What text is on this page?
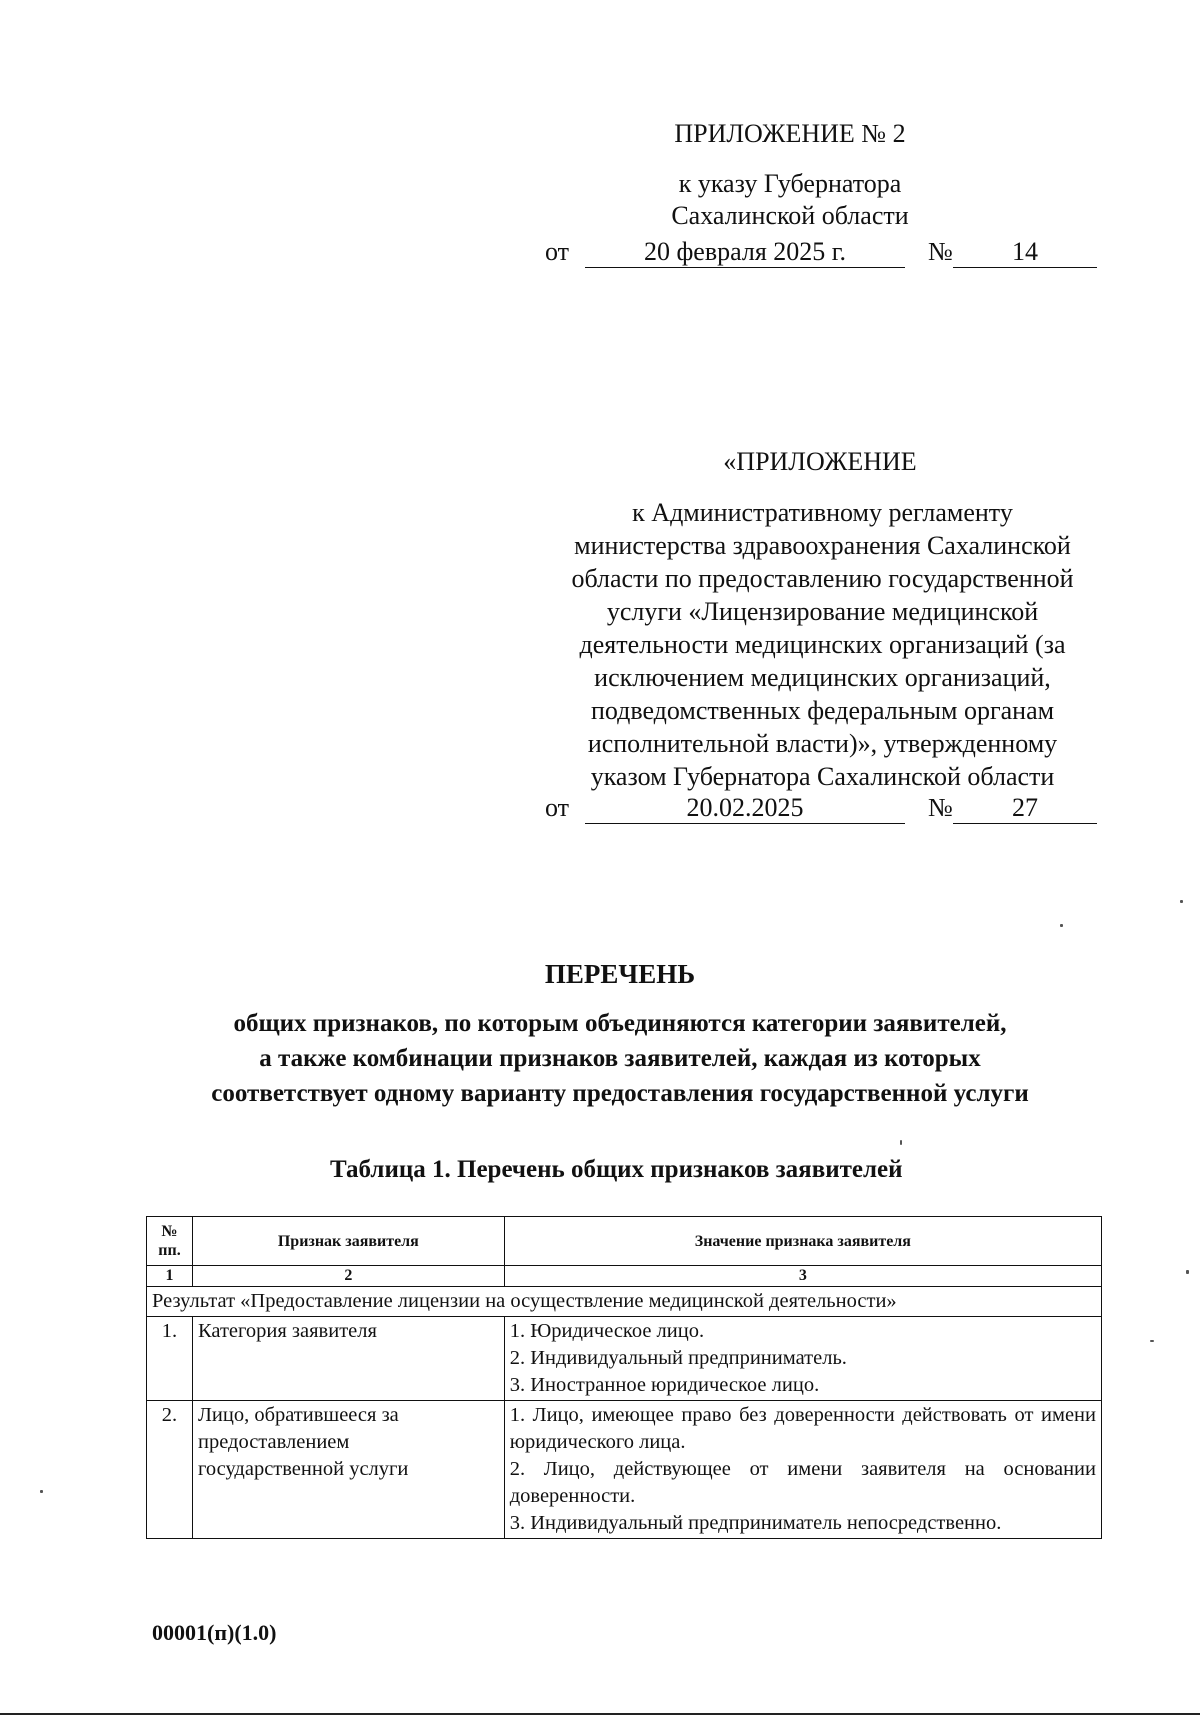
ПРИЛОЖЕНИЕ № 2
к указу Губернатора
Сахалинской области
от	20 февраля 2025 г.	№	14
«ПРИЛОЖЕНИЕ
к Административному регламенту
министерства здравоохранения Сахалинской
области по предоставлению государственной
услуги «Лицензирование медицинской
деятельности медицинских организаций (за
исключением медицинских организаций,
подведомственных федеральным органам
исполнительной власти)», утвержденному
указом Губернатора Сахалинской области
от	20.02.2025	№	27
ПЕРЕЧЕНЬ
общих признаков, по которым объединяются категории заявителей,
а также комбинации признаков заявителей, каждая из которых
соответствует одному варианту предоставления государственной услуги
Таблица 1. Перечень общих признаков заявителей
№
пп.	Признак заявителя	Значение признака заявителя
1	2	3
Результат «Предоставление лицензии на осуществление медицинской деятельности»		
1.	Категория заявителя	1. Юридическое лицо.
2. Индивидуальный предприниматель.
3. Иностранное юридическое лицо.

2.	Лицо, обратившееся за предоставлением государственной услуги	1. Лицо, имеющее право без доверенности действовать от имени юридического лица.
2. Лицо, действующее от имени заявителя на основании доверенности.
3. Индивидуальный предприниматель непосредственно.
00001(п)(1.0)
